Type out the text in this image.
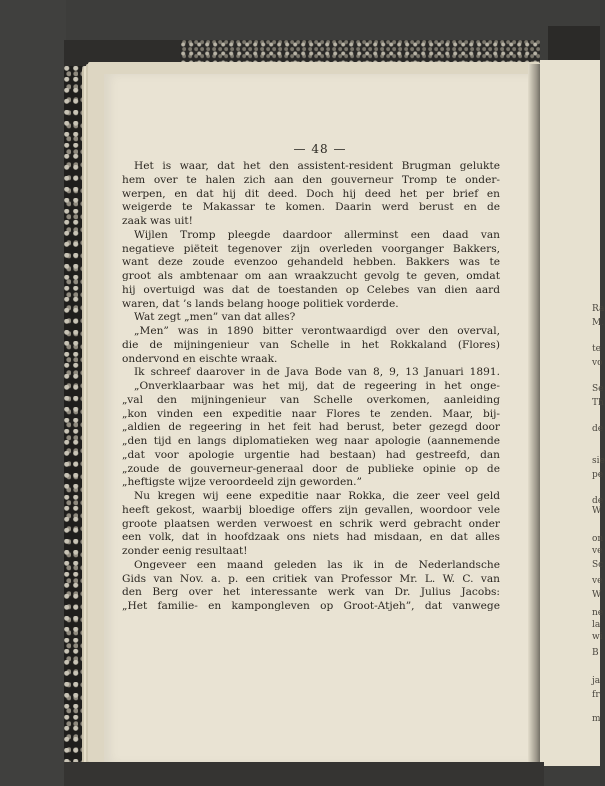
— 48 —
Het is waar, dat het den assistent-resident Brugman gelukte
hem over te halen zich aan den gouverneur Tromp te onder-
werpen, en dat hij dit deed. Doch hij deed het per brief en
weigerde te Makassar te komen. Daarin werd berust en de
zaak was uit!
Wijlen Tromp pleegde daardoor allerminst een daad van
negatieve piëteit tegenover zijn overleden voorganger Bakkers,
want deze zoude evenzoo gehandeld hebben. Bakkers was te
groot als ambtenaar om aan wraakzucht gevolg te geven, omdat
hij overtuigd was dat de toestanden op Celebes van dien aard
waren, dat ’s lands belang hooge politiek vorderde.
Wat zegt „men” van dat alles?
„Men” was in 1890 bitter verontwaardigd over den overval,
die de mijningenieur van Schelle in het Rokkaland (Flores)
ondervond en eischte wraak.
Ik schreef daarover in de Java Bode van 8, 9, 13 Januari 1891.
„Onverklaarbaar was het mij, dat de regeering in het onge-
„val den mijningenieur van Schelle overkomen, aanleiding
„kon vinden een expeditie naar Flores te zenden. Maar, bij-
„aldien de regeering in het feit had berust, beter gezegd door
„den tijd en langs diplomatieken weg naar apologie (aannemende
„dat voor apologie urgentie had bestaan) had gestreefd, dan
„zoude de gouverneur-generaal door de publieke opinie op de
„heftigste wijze veroordeeld zijn geworden.”
Nu kregen wij eene expeditie naar Rokka, die zeer veel geld
heeft gekost, waarbij bloedige offers zijn gevallen, woordoor vele
groote plaatsen werden verwoest en schrik werd gebracht onder
een volk, dat in hoofdzaak ons niets had misdaan, en dat alles
zonder eenig resultaat!
Ongeveer een maand geleden las ik in de Nederlandsche
Gids van Nov. a. p. een critiek van Professor Mr. L. W. C. van
den Berg over het interessante werk van Dr. Julius Jacobs:
„Het familie- en kampongleven op Groot-Atjeh”, dat vanwege
Ra
M.
te
vo
Se
Th
de
sie
pe
de
W
on
ve
Sc
ve
W
ne
la
wi
B
ja
fr
m
